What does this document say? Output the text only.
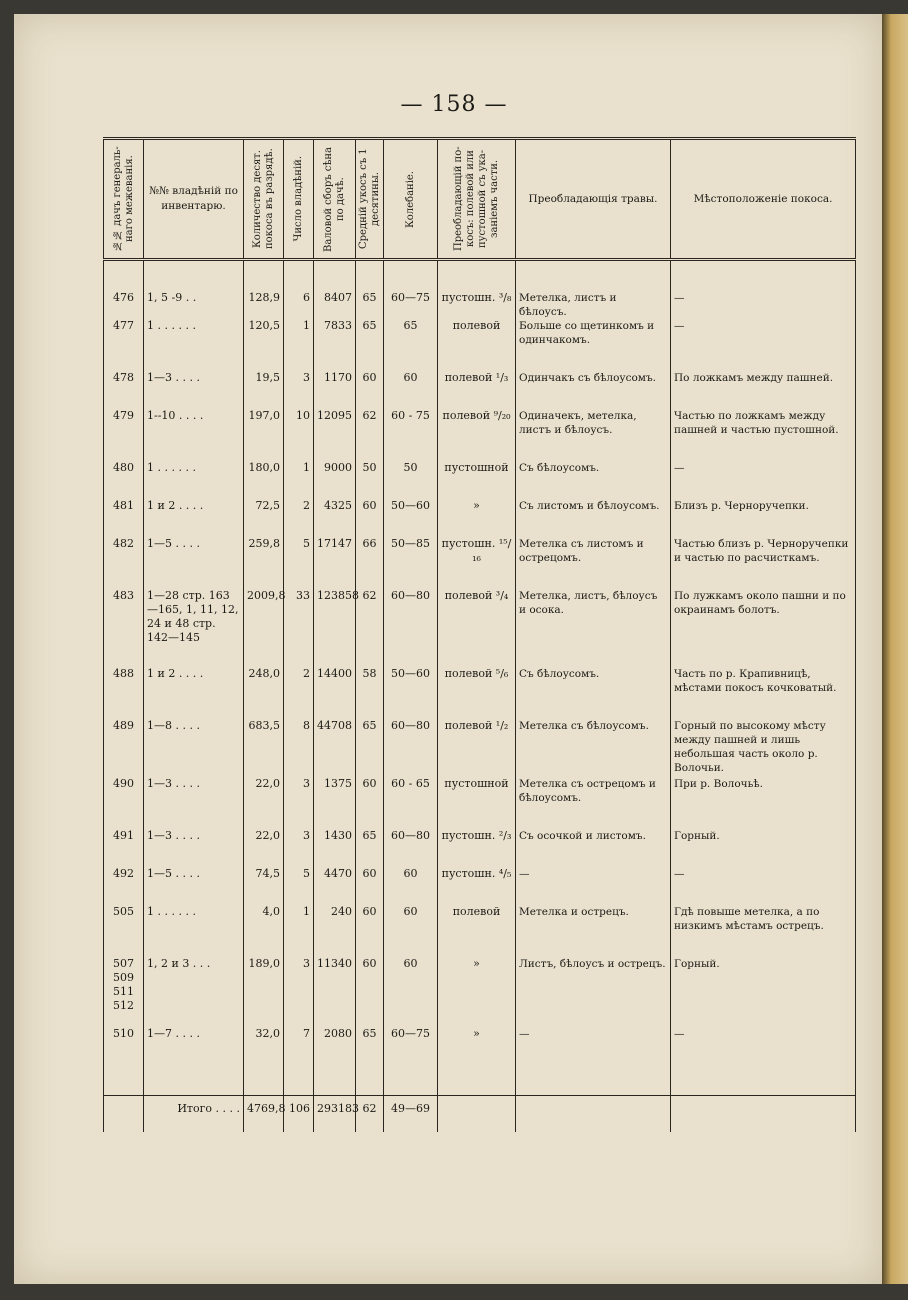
— 158 —
№№ дачъ генераль-наго межеванія.	№№ владѣній по инвентарю.	Количество десят. покоса въ разрядѣ.	Число владѣній.	Валовой сборъ сѣна по дачѣ.	Средній укосъ съ 1 десятины.	Колебаніе.	Преобладающій по-косъ: полевой или пустошной съ ука-заніемъ части.	Преобладающія травы.	Мѣстоположеніе покоса.

476	1, 5 -9 . .	128,9	6	8407	65	60—75	пустошн. ³/₈	Метелка, листъ и бѣлоусъ.	—
477	1 . . . . . .	120,5	1	7833	65	65	полевой	Больше со щетинкомъ и одинчакомъ.	—
478	1—3 . . . .	19,5	3	1170	60	60	полевой ¹/₃	Одинчакъ съ бѣлоусомъ.	По ложкамъ между пашней.
479	1--10 . . . .	197,0	10	12095	62	60 - 75	полевой ⁹/₂₀	Одиначекъ, метелка, листъ и бѣлоусъ.	Частью по ложкамъ между пашней и частью пустошной.
480	1 . . . . . .	180,0	1	9000	50	50	пустошной	Съ бѣлоусомъ.	—
481	1 и 2 . . . .	72,5	2	4325	60	50—60	»	Съ листомъ и бѣлоусомъ.	Близъ р. Черноручепки.
482	1—5 . . . .	259,8	5	17147	66	50—85	пустошн. ¹⁵/₁₆	Метелка съ листомъ и острецомъ.	Частью близъ р. Черноручепки и частью по расчисткамъ.
483	1—28 стр. 163—165, 1, 11, 12, 24 и 48 стр. 142—145	2009,8	33	123858	62	60—80	полевой ³/₄	Метелка, листъ, бѣлоусъ и осока.	По лужкамъ около пашни и по окраинамъ болотъ.
488	1 и 2 . . . .	248,0	2	14400	58	50—60	полевой ⁵/₆	Съ бѣлоусомъ.	Часть по р. Крапивницѣ, мѣстами покосъ кочковатый.
489	1—8 . . . .	683,5	8	44708	65	60—80	полевой ¹/₂	Метелка съ бѣлоусомъ.	Горный по высокому мѣсту между пашней и лишь небольшая часть около р. Волочьи.
490	1—3 . . . .	22,0	3	1375	60	60 - 65	пустошной	Метелка съ острецомъ и бѣлоусомъ.	При р. Волочьѣ.
491	1—3 . . . .	22,0	3	1430	65	60—80	пустошн. ²/₃	Съ осочкой и листомъ.	Горный.
492	1—5 . . . .	74,5	5	4470	60	60	пустошн. ⁴/₅	—	—
505	1 . . . . . .	4,0	1	240	60	60	полевой	Метелка и острецъ.	Гдѣ повыше метелка, а по низкимъ мѣстамъ острецъ.
507 509 511 512	1, 2 и 3 . . .	189,0	3	11340	60	60	»	Листъ, бѣлоусъ и острецъ.	Горный.
510	1—7 . . . .	32,0	7	2080	65	60—75	»	—	—
	Итого . . . .	4769,8	106	293183	62	49—69			
